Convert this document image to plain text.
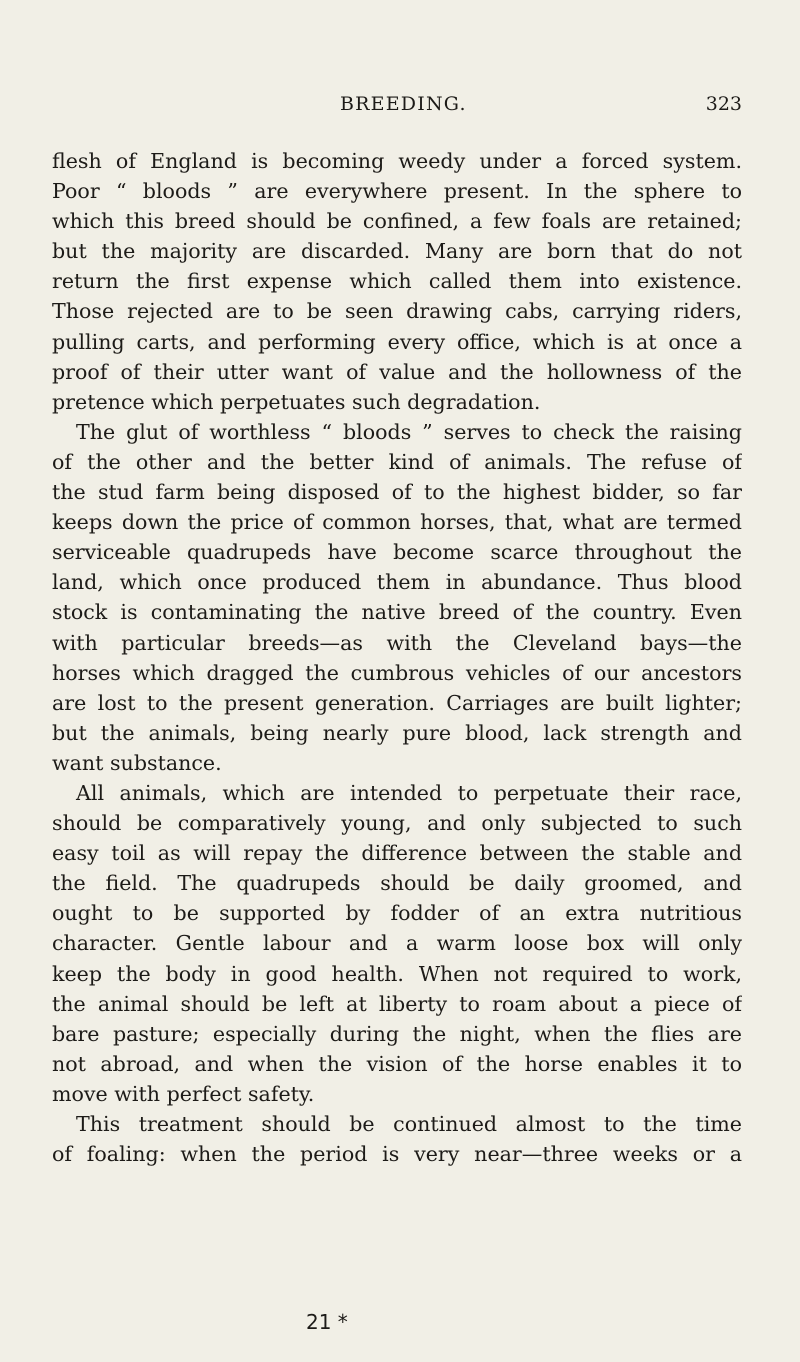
BREEDING.	323
flesh of England is becoming weedy under a forced system.
Poor “ bloods ” are everywhere present. In the sphere to
which this breed should be confined, a few foals are retained;
but the majority are discarded. Many are born that do not
return the first expense which called them into existence.
Those rejected are to be seen drawing cabs, carrying riders,
pulling carts, and performing every office, which is at once a
proof of their utter want of value and the hollowness of the
pretence which perpetuates such degradation.
The glut of worthless “ bloods ” serves to check the raising
of the other and the better kind of animals. The refuse of
the stud farm being disposed of to the highest bidder, so far
keeps down the price of common horses, that, what are termed
serviceable quadrupeds have become scarce throughout the
land, which once produced them in abundance. Thus blood
stock is contaminating the native breed of the country. Even
with particular breeds—as with the Cleveland bays—the
horses which dragged the cumbrous vehicles of our ancestors
are lost to the present generation. Carriages are built lighter;
but the animals, being nearly pure blood, lack strength and
want substance.
All animals, which are intended to perpetuate their race,
should be comparatively young, and only subjected to such
easy toil as will repay the difference between the stable and
the field. The quadrupeds should be daily groomed, and
ought to be supported by fodder of an extra nutritious
character. Gentle labour and a warm loose box will only
keep the body in good health. When not required to work,
the animal should be left at liberty to roam about a piece of
bare pasture; especially during the night, when the flies are
not abroad, and when the vision of the horse enables it to
move with perfect safety.
This treatment should be continued almost to the time
of foaling: when the period is very near—three weeks or a
21 *
